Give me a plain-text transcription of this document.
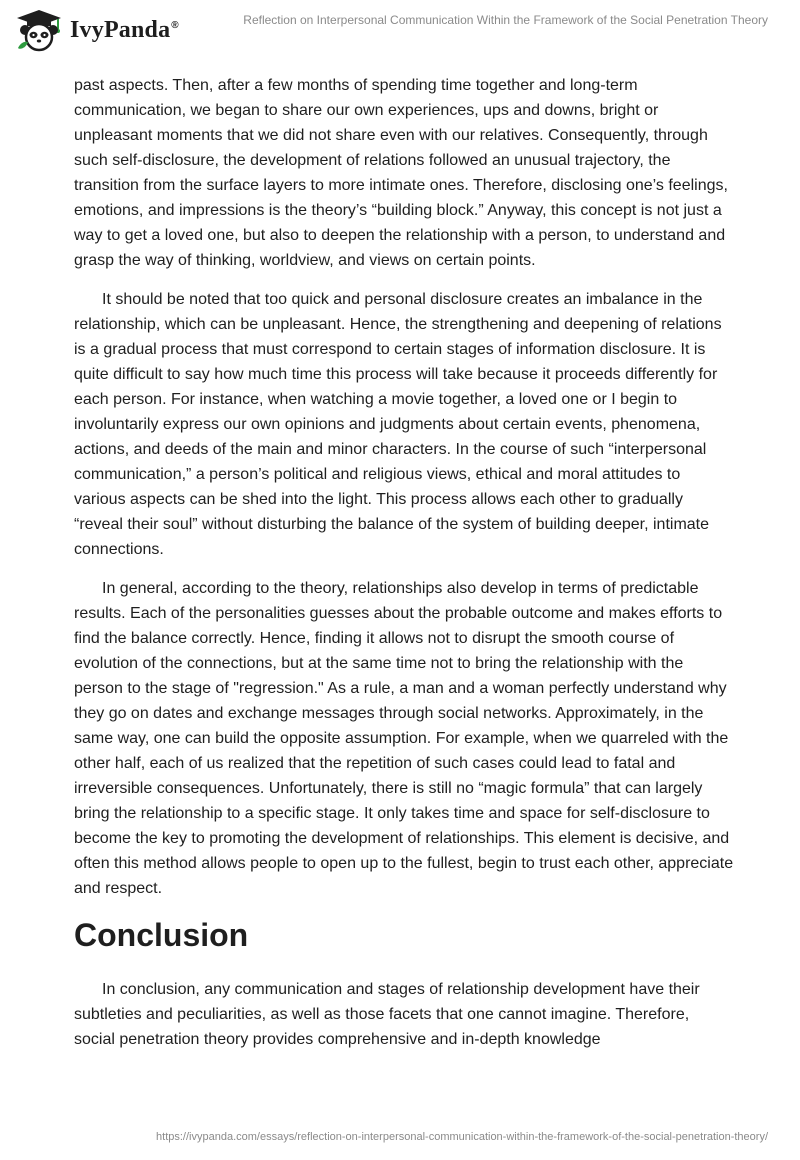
IvyPanda®	Reflection on Interpersonal Communication Within the Framework of the Social Penetration Theory

past aspects. Then, after a few months of spending time together and long-term communication, we began to share our own experiences, ups and downs, bright or unpleasant moments that we did not share even with our relatives. Consequently, through such self-disclosure, the development of relations followed an unusual trajectory, the transition from the surface layers to more intimate ones. Therefore, disclosing one’s feelings, emotions, and impressions is the theory’s “building block.” Anyway, this concept is not just a way to get a loved one, but also to deepen the relationship with a person, to understand and grasp the way of thinking, worldview, and views on certain points.

It should be noted that too quick and personal disclosure creates an imbalance in the relationship, which can be unpleasant. Hence, the strengthening and deepening of relations is a gradual process that must correspond to certain stages of information disclosure. It is quite difficult to say how much time this process will take because it proceeds differently for each person. For instance, when watching a movie together, a loved one or I begin to involuntarily express our own opinions and judgments about certain events, phenomena, actions, and deeds of the main and minor characters. In the course of such “interpersonal communication,” a person’s political and religious views, ethical and moral attitudes to various aspects can be shed into the light. This process allows each other to gradually “reveal their soul” without disturbing the balance of the system of building deeper, intimate connections.

In general, according to the theory, relationships also develop in terms of predictable results. Each of the personalities guesses about the probable outcome and makes efforts to find the balance correctly. Hence, finding it allows not to disrupt the smooth course of evolution of the connections, but at the same time not to bring the relationship with the person to the stage of "regression." As a rule, a man and a woman perfectly understand why they go on dates and exchange messages through social networks. Approximately, in the same way, one can build the opposite assumption. For example, when we quarreled with the other half, each of us realized that the repetition of such cases could lead to fatal and irreversible consequences. Unfortunately, there is still no “magic formula” that can largely bring the relationship to a specific stage. It only takes time and space for self-disclosure to become the key to promoting the development of relationships. This element is decisive, and often this method allows people to open up to the fullest, begin to trust each other, appreciate and respect.

Conclusion

In conclusion, any communication and stages of relationship development have their subtleties and peculiarities, as well as those facets that one cannot imagine. Therefore, social penetration theory provides comprehensive and in-depth knowledge

https://ivypanda.com/essays/reflection-on-interpersonal-communication-within-the-framework-of-the-social-penetration-theory/
